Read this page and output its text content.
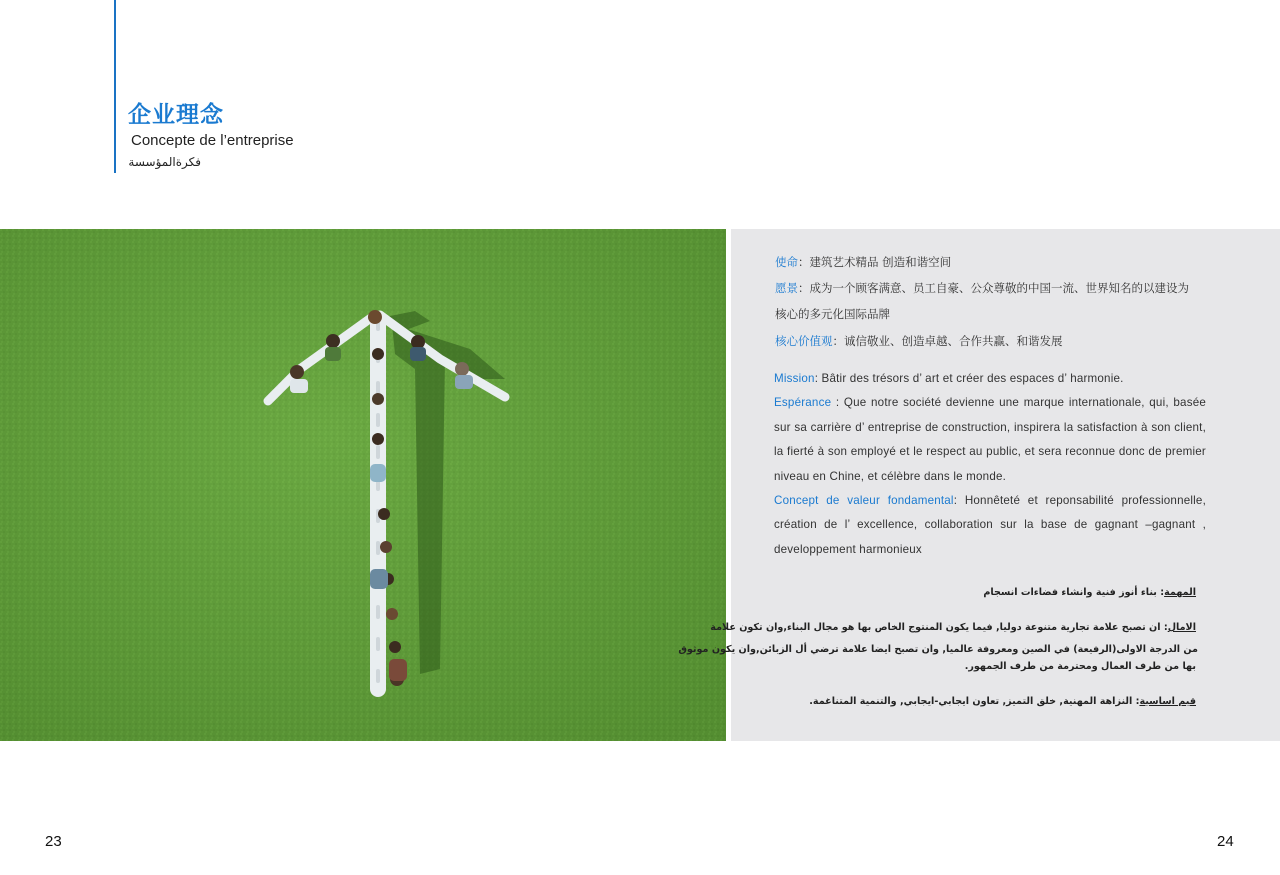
企业理念
Concepte de l’entreprise
فكرةالمؤسسة
使命：建筑艺术精品 创造和谐空间
愿景：成为一个顾客满意、员工自豪、公众尊敬的中国一流、世界知名的以建设为
核心的多元化国际品牌
核心价值观：诚信敬业、创造卓越、合作共赢、和谐发展
Mission: Bâtir des trésors d’ art et créer des espaces d’ harmonie.
Espérance : Que notre société devienne une marque internationale, qui, basée sur sa carrière d’ entreprise de construction, inspirera la satisfaction à son client, la fierté à son employé et le respect au public, et sera reconnue donc de premier niveau en Chine, et célèbre dans le monde.
Concept de valeur fondamental: Honnêteté et reponsabilité professionnelle, création de l’ excellence, collaboration sur la base de gagnant –gagnant , developpement harmonieux
المهمة: بناء أنوز فنية وانشاء فضاءات انسجام
الامال: ان تصبح علامة تجارية متنوعة دوليا, فيما يكون المنتوج الخاص بها هو مجال البناء,وان تكون علامة
من الدرجة الاولى(الرفيعة) في الصين ومعروفة عالميا, وان تصبح ايضا علامة ترضي أل الزبائن,وان يكون موثوق
بها من طرف العمال ومحترمة من طرف الجمهور.
قيم اساسية: النزاهة المهنية, خلق التميز, تعاون ايجابي-ايجابي, والتنمية المتناغمة.
23	24
